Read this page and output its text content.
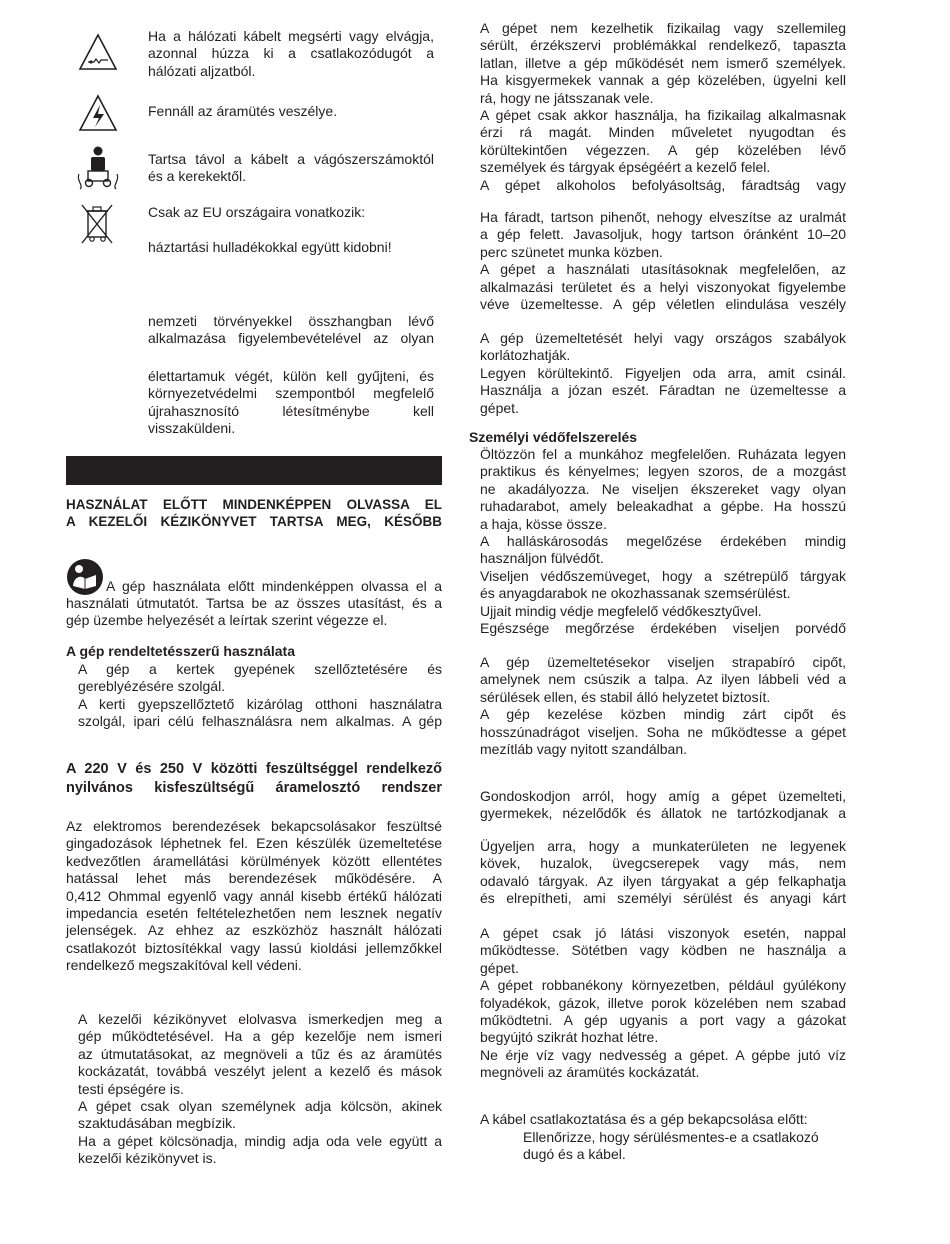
Ha a hálózati kábelt megsérti vagy elvágja,
azonnal húzza ki a csatlakozódugót a
hálózati aljzatból.
Fennáll az áramütés veszélye.
Tartsa távol a kábelt a vágószerszámoktól
és a kerekektől.
Csak az EU országaira vonatkozik:
háztartási hulladékokkal együtt kidobni!
nemzeti törvényekkel összhangban lévő
alkalmazása figyelembevételével az olyan
élettartamuk végét, külön kell gyűjteni, és
környezetvédelmi szempontból megfelelő
újrahasznosító létesítménybe kell
visszaküldeni.
HASZNÁLAT ELŐTT MINDENKÉPPEN OLVASSA EL
A KEZELŐI KÉZIKÖNYVET TARTSA MEG, KÉSŐBB
A gép használata előtt mindenképpen olvassa el a
használati útmutatót. Tartsa be az összes utasítást, és a
gép üzembe helyezését a leírtak szerint végezze el.
A gép rendeltetésszerű használata
A gép a kertek gyepének szellőztetésére és
gereblyézésére szolgál.
A kerti gyepszellőztető kizárólag otthoni használatra
szolgál, ipari célú felhasználásra nem alkalmas. A gép
A 220 V és 250 V közötti feszültséggel rendelkező
nyilvános kisfeszültségű áramelosztó rendszer
Az elektromos berendezések bekapcsolásakor feszültsé
gingadozások léphetnek fel. Ezen készülék üzemeltetése
kedvezőtlen áramellátási körülmények között ellentétes
hatással lehet más berendezések működésére. A
0,412 Ohmmal egyenlő vagy annál kisebb értékű hálózati
impedancia esetén feltételezhetően nem lesznek negatív
jelenségek. Az ehhez az eszközhöz használt hálózati
csatlakozót biztosítékkal vagy lassú kioldási jellemzőkkel
rendelkező megszakítóval kell védeni.
A kezelői kézikönyvet elolvasva ismerkedjen meg a
gép működtetésével. Ha a gép kezelője nem ismeri
az útmutatásokat, az megnöveli a tűz és az áramütés
kockázatát, továbbá veszélyt jelent a kezelő és mások
testi épségére is.
A gépet csak olyan személynek adja kölcsön, akinek
szaktudásában megbízik.
Ha a gépet kölcsönadja, mindig adja oda vele együtt a
kezelői kézikönyvet is.
A gépet nem kezelhetik fizikailag vagy szellemileg
sérült, érzékszervi problémákkal rendelkező, tapaszta
latlan, illetve a gép működését nem ismerő személyek.
Ha kisgyermekek vannak a gép közelében, ügyelni kell
rá, hogy ne játsszanak vele.
A gépet csak akkor használja, ha fizikailag alkalmasnak
érzi rá magát. Minden műveletet nyugodtan és
körültekintően végezzen. A gép közelében lévő
személyek és tárgyak épségéért a kezelő felel.
A gépet alkoholos befolyásoltság, fáradtság vagy
Ha fáradt, tartson pihenőt, nehogy elveszítse az uralmát
a gép felett. Javasoljuk, hogy tartson óránként 10–20
perc szünetet munka közben.
A gépet a használati utasításoknak megfelelően, az
alkalmazási területet és a helyi viszonyokat figyelembe
véve üzemeltesse. A gép véletlen elindulása veszély
A gép üzemeltetését helyi vagy országos szabályok
korlátozhatják.
Legyen körültekintő. Figyeljen oda arra, amit csinál.
Használja a józan eszét. Fáradtan ne üzemeltesse a
gépet.
Személyi védőfelszerelés
Öltözzön fel a munkához megfelelően. Ruházata legyen
praktikus és kényelmes; legyen szoros, de a mozgást
ne akadályozza. Ne viseljen ékszereket vagy olyan
ruhadarabot, amely beleakadhat a gépbe. Ha hosszú
a haja, kösse össze.
A halláskárosodás megelőzése érdekében mindig
használjon fülvédőt.
Viseljen védőszemüveget, hogy a szétrepülő tárgyak
és anyagdarabok ne okozhassanak szemsérülést.
Ujjait mindig védje megfelelő védőkesztyűvel.
Egészsége megőrzése érdekében viseljen porvédő
A gép üzemeltetésekor viseljen strapabíró cipőt,
amelynek nem csúszik a talpa. Az ilyen lábbeli véd a
sérülések ellen, és stabil álló helyzetet biztosít.
A gép kezelése közben mindig zárt cipőt és
hosszúnadrágot viseljen. Soha ne működtesse a gépet
mezítláb vagy nyitott szandálban.
Gondoskodjon arról, hogy amíg a gépet üzemelteti,
gyermekek, nézelődők és állatok ne tartózkodjanak a
Ügyeljen arra, hogy a munkaterületen ne legyenek
kövek, huzalok, üvegcserepek vagy más, nem
odavaló tárgyak. Az ilyen tárgyakat a gép felkaphatja
és elrepítheti, ami személyi sérülést és anyagi kárt
A gépet csak jó látási viszonyok esetén, nappal
működtesse. Sötétben vagy ködben ne használja a
gépet.
A gépet robbanékony környezetben, például gyúlékony
folyadékok, gázok, illetve porok közelében nem szabad
működtetni. A gép ugyanis a port vagy a gázokat
begyújtó szikrát hozhat létre.
Ne érje víz vagy nedvesség a gépet. A gépbe jutó víz
megnöveli az áramütés kockázatát.
A kábel csatlakoztatása és a gép bekapcsolása előtt:
Ellenőrizze, hogy sérülésmentes-e a csatlakozó
dugó és a kábel.
